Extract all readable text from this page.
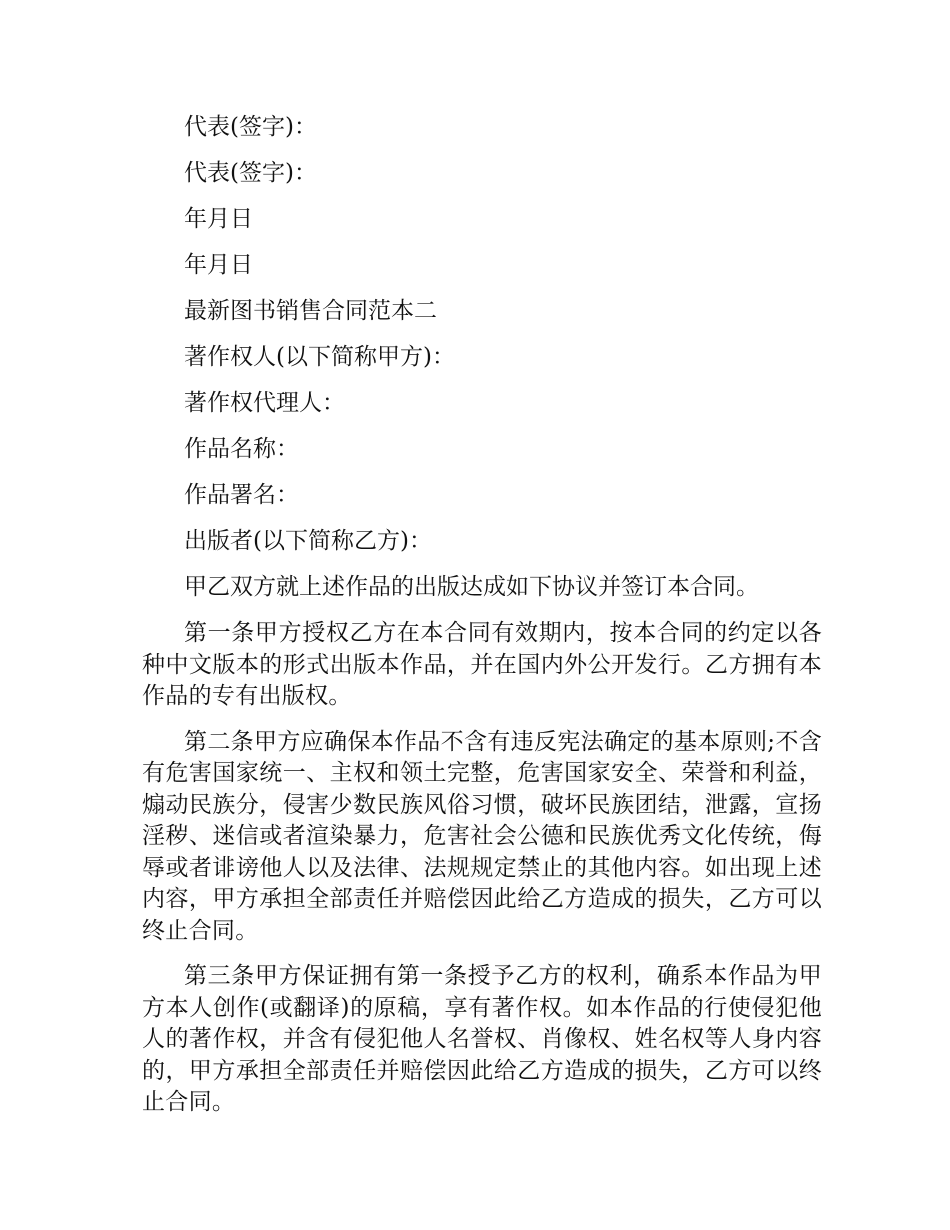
代表(签字)：

代表(签字)：

年月日

年月日

最新图书销售合同范本二

著作权人(以下简称甲方)：

著作权代理人：

作品名称：

作品署名：

出版者(以下简称乙方)：

甲乙双方就上述作品的出版达成如下协议并签订本合同。

第一条甲方授权乙方在本合同有效期内，按本合同的约定以各种中文版本的形式出版本作品，并在国内外公开发行。乙方拥有本作品的专有出版权。

第二条甲方应确保本作品不含有违反宪法确定的基本原则;不含有危害国家统一、主权和领土完整，危害国家安全、荣誉和利益，煽动民族分，侵害少数民族风俗习惯，破坏民族团结，泄露，宣扬淫秽、迷信或者渲染暴力，危害社会公德和民族优秀文化传统，侮辱或者诽谤他人以及法律、法规规定禁止的其他内容。如出现上述内容，甲方承担全部责任并赔偿因此给乙方造成的损失，乙方可以终止合同。

第三条甲方保证拥有第一条授予乙方的权利，确系本作品为甲方本人创作(或翻译)的原稿，享有著作权。如本作品的行使侵犯他人的著作权，并含有侵犯他人名誉权、肖像权、姓名权等人身内容的，甲方承担全部责任并赔偿因此给乙方造成的损失，乙方可以终止合同。
